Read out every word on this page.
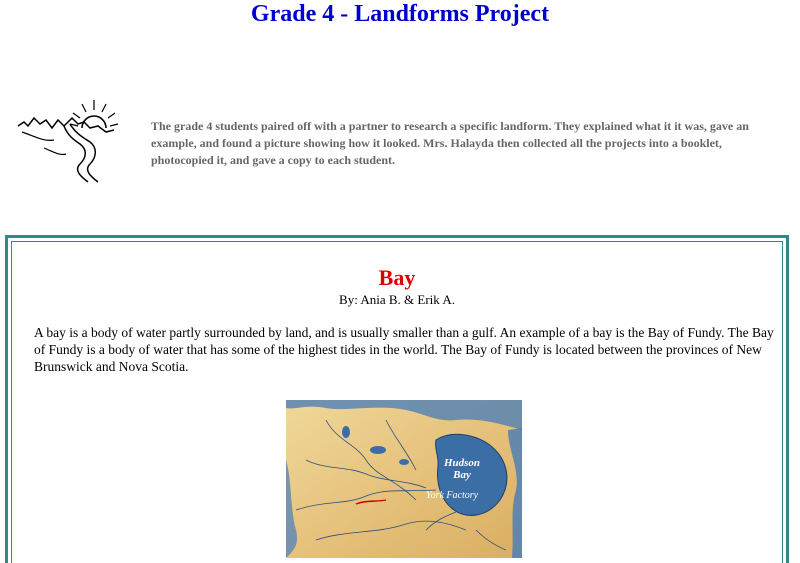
Grade 4 - Landforms Project
The grade 4 students paired off with a partner to research a specific landform. They explained what it it was, gave an example, and found a picture showing how it looked. Mrs. Halayda then collected all the projects into a booklet, photocopied it, and gave a copy to each student.
Bay
By: Ania B. & Erik A.
A bay is a body of water partly surrounded by land, and is usually smaller than a gulf. An example of a bay is the Bay of Fundy. The Bay of Fundy is a body of water that has some of the highest tides in the world. The Bay of Fundy is located between the provinces of New Brunswick and Nova Scotia.
Hudson
Bay
York Factory
